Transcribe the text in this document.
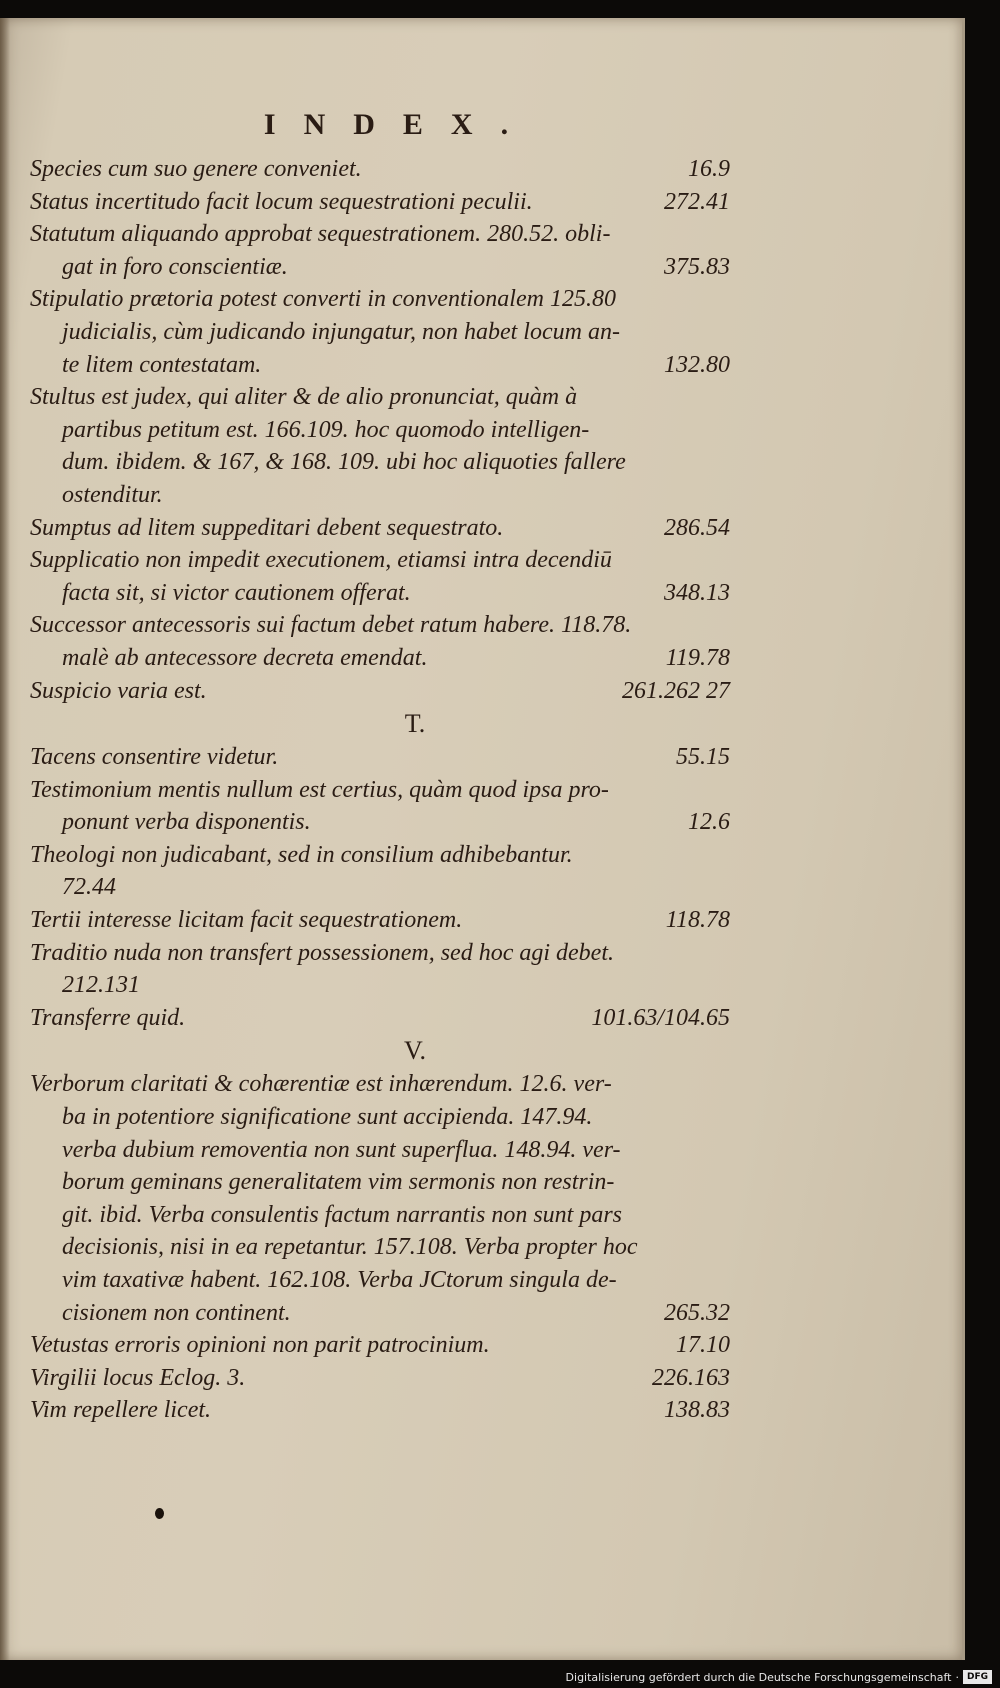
INDEX.
Species cum suo genere conveniet.	16.9
Status incertitudo facit locum sequestrationi peculii.	272.41
Statutum aliquando approbat sequestrationem. 280.52. obli-
gat in foro conscientiæ.	375.83
Stipulatio prætoria potest converti in conventionalem 125.80
judicialis, cùm judicando injungatur, non habet locum an-
te litem contestatam.	132.80
Stultus est judex, qui aliter & de alio pronunciat, quàm à
partibus petitum est. 166.109. hoc quomodo intelligen-
dum. ibidem. & 167, & 168. 109. ubi hoc aliquoties fallere
ostenditur.
Sumptus ad litem suppeditari debent sequestrato.	286.54
Supplicatio non impedit executionem, etiamsi intra decendiū
facta sit, si victor cautionem offerat.	348.13
Successor antecessoris sui factum debet ratum habere. 118.78.
malè ab antecessore decreta emendat.	119.78
Suspicio varia est.	261.262 27
T.
Tacens consentire videtur.	55.15
Testimonium mentis nullum est certius, quàm quod ipsa pro-
ponunt verba disponentis.	12.6
Theologi non judicabant, sed in consilium adhibebantur.
72.44
Tertii interesse licitam facit sequestrationem.	118.78
Traditio nuda non transfert possessionem, sed hoc agi debet.
212.131
Transferre quid.	101.63/104.65
V.
Verborum claritati & cohærentiæ est inhærendum. 12.6. ver-
ba in potentiore significatione sunt accipienda. 147.94.
verba dubium removentia non sunt superflua. 148.94. ver-
borum geminans generalitatem vim sermonis non restrin-
git. ibid. Verba consulentis factum narrantis non sunt pars
decisionis, nisi in ea repetantur. 157.108. Verba propter hoc
vim taxativæ habent. 162.108. Verba JCtorum singula de-
cisionem non continent.	265.32
Vetustas erroris opinioni non parit patrocinium.	17.10
Virgilii locus Eclog. 3.	226.163
Vim repellere licet.	138.83
Digitalisierung gefördert durch die Deutsche Forschungsgemeinschaft · DFG
